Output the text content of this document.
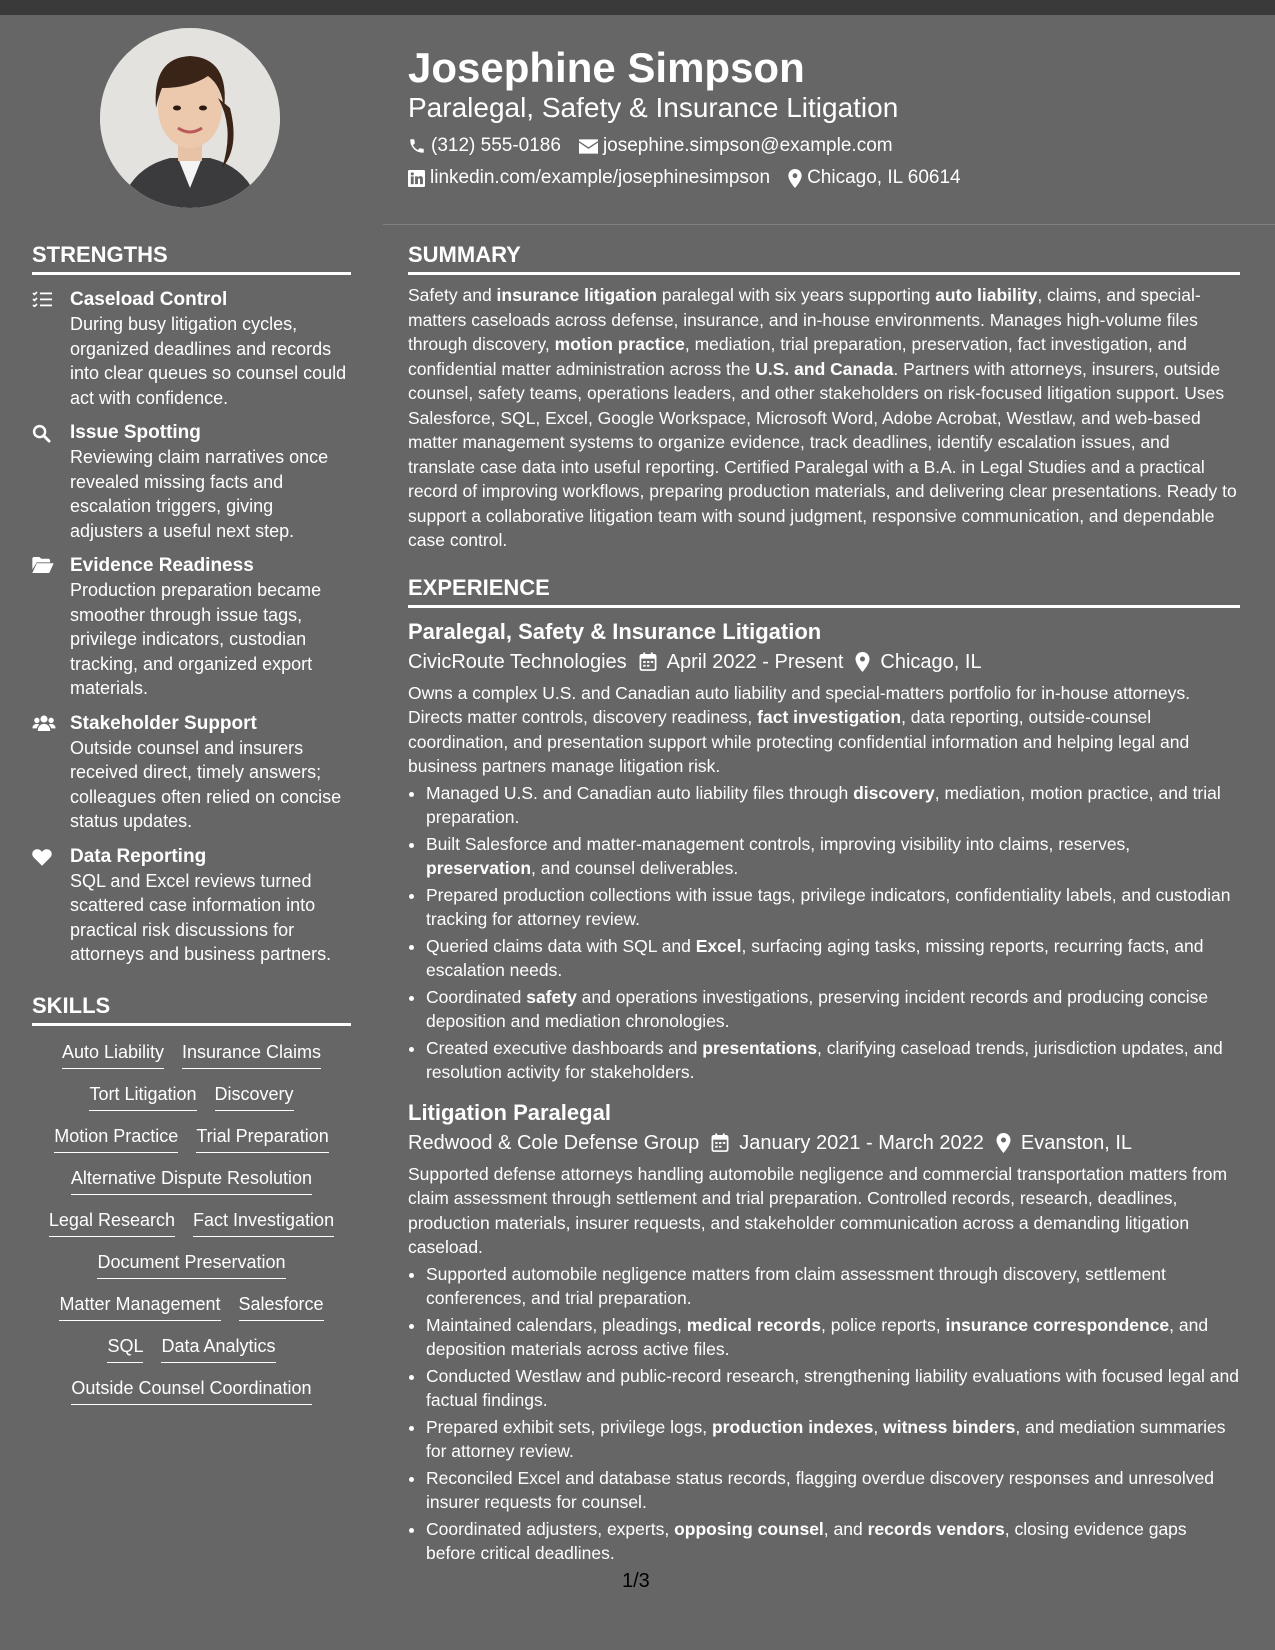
Josephine Simpson
Paralegal, Safety & Insurance Litigation
(312) 555-0186 josephine.simpson@example.com
linkedin.com/example/josephinesimpson Chicago, IL 60614
STRENGTHS
Caseload Control
During busy litigation cycles, organized deadlines and records into clear queues so counsel could act with confidence.
Issue Spotting
Reviewing claim narratives once revealed missing facts and escalation triggers, giving adjusters a useful next step.
Evidence Readiness
Production preparation became smoother through issue tags, privilege indicators, custodian tracking, and organized export materials.
Stakeholder Support
Outside counsel and insurers received direct, timely answers; colleagues often relied on concise status updates.
Data Reporting
SQL and Excel reviews turned scattered case information into practical risk discussions for attorneys and business partners.
SKILLS
Auto Liability Insurance Claims
Tort Litigation Discovery
Motion Practice Trial Preparation
Alternative Dispute Resolution
Legal Research Fact Investigation
Document Preservation
Matter Management Salesforce
SQL Data Analytics
Outside Counsel Coordination
SUMMARY
Safety and insurance litigation paralegal with six years supporting auto liability, claims, and special-matters caseloads across defense, insurance, and in-house environments. Manages high-volume files through discovery, motion practice, mediation, trial preparation, preservation, fact investigation, and confidential matter administration across the U.S. and Canada. Partners with attorneys, insurers, outside counsel, safety teams, operations leaders, and other stakeholders on risk-focused litigation support. Uses Salesforce, SQL, Excel, Google Workspace, Microsoft Word, Adobe Acrobat, Westlaw, and web-based matter management systems to organize evidence, track deadlines, identify escalation issues, and translate case data into useful reporting. Certified Paralegal with a B.A. in Legal Studies and a practical record of improving workflows, preparing production materials, and delivering clear presentations. Ready to support a collaborative litigation team with sound judgment, responsive communication, and dependable case control.
EXPERIENCE
Paralegal, Safety & Insurance Litigation
CivicRoute Technologies April 2022 - Present Chicago, IL
Owns a complex U.S. and Canadian auto liability and special-matters portfolio for in-house attorneys. Directs matter controls, discovery readiness, fact investigation, data reporting, outside-counsel coordination, and presentation support while protecting confidential information and helping legal and business partners manage litigation risk.
• Managed U.S. and Canadian auto liability files through discovery, mediation, motion practice, and trial preparation.
• Built Salesforce and matter-management controls, improving visibility into claims, reserves, preservation, and counsel deliverables.
• Prepared production collections with issue tags, privilege indicators, confidentiality labels, and custodian tracking for attorney review.
• Queried claims data with SQL and Excel, surfacing aging tasks, missing reports, recurring facts, and escalation needs.
• Coordinated safety and operations investigations, preserving incident records and producing concise deposition and mediation chronologies.
• Created executive dashboards and presentations, clarifying caseload trends, jurisdiction updates, and resolution activity for stakeholders.
Litigation Paralegal
Redwood & Cole Defense Group January 2021 - March 2022 Evanston, IL
Supported defense attorneys handling automobile negligence and commercial transportation matters from claim assessment through settlement and trial preparation. Controlled records, research, deadlines, production materials, insurer requests, and stakeholder communication across a demanding litigation caseload.
• Supported automobile negligence matters from claim assessment through discovery, settlement conferences, and trial preparation.
• Maintained calendars, pleadings, medical records, police reports, insurance correspondence, and deposition materials across active files.
• Conducted Westlaw and public-record research, strengthening liability evaluations with focused legal and factual findings.
• Prepared exhibit sets, privilege logs, production indexes, witness binders, and mediation summaries for attorney review.
• Reconciled Excel and database status records, flagging overdue discovery responses and unresolved insurer requests for counsel.
• Coordinated adjusters, experts, opposing counsel, and records vendors, closing evidence gaps before critical deadlines.
1/3
